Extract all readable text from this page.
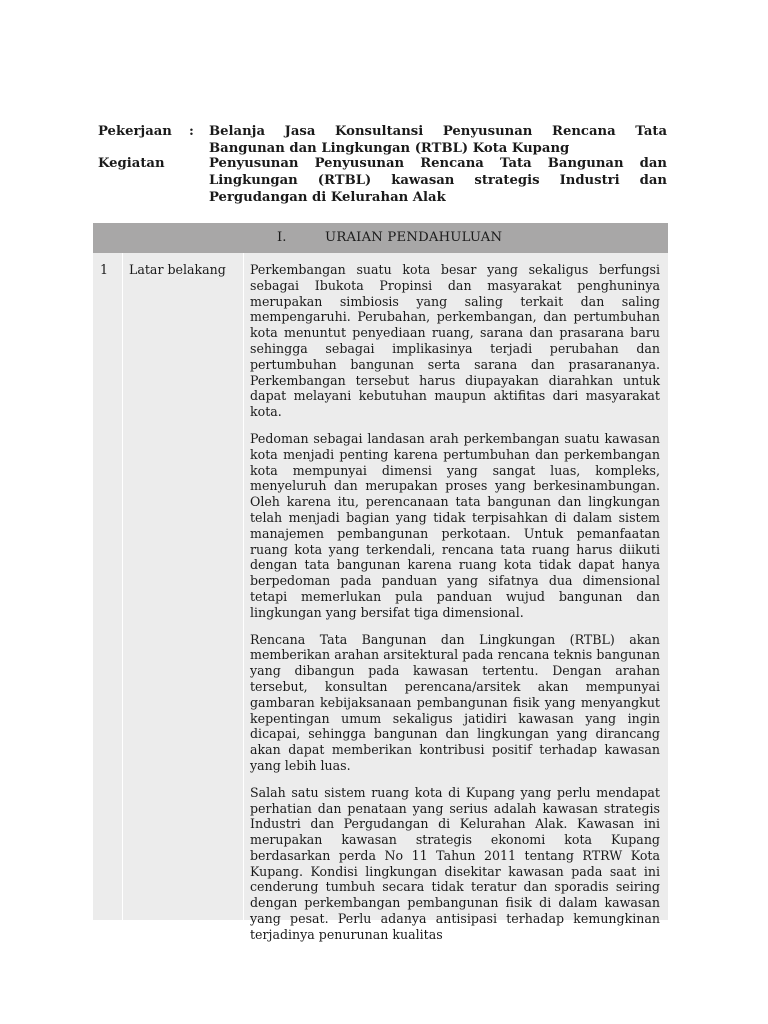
Pekerjaan : Belanja Jasa Konsultansi Penyusunan Rencana Tata Bangunan dan Lingkungan (RTBL) Kota Kupang
Kegiatan	Penyusunan Penyusunan Rencana Tata Bangunan dan Lingkungan (RTBL) kawasan strategis Industri dan Pergudangan di Kelurahan Alak
I.	URAIAN PENDAHULUAN
1 Latar belakang Perkembangan suatu kota besar yang sekaligus berfungsi sebagai Ibukota Propinsi dan masyarakat penghuninya merupakan simbiosis yang saling terkait dan saling mempengaruhi. Perubahan, perkembangan, dan pertumbuhan kota menuntut penyediaan ruang, sarana dan prasarana baru sehingga sebagai implikasinya terjadi perubahan dan pertumbuhan bangunan serta sarana dan prasarananya. Perkembangan tersebut harus diupayakan diarahkan untuk dapat melayani kebutuhan maupun aktifitas dari masyarakat kota.

Pedoman sebagai landasan arah perkembangan suatu kawasan kota menjadi penting karena pertumbuhan dan perkembangan kota mempunyai dimensi yang sangat luas, kompleks, menyeluruh dan merupakan proses yang berkesinambungan. Oleh karena itu, perencanaan tata bangunan dan lingkungan telah menjadi bagian yang tidak terpisahkan di dalam sistem manajemen pembangunan perkotaan. Untuk pemanfaatan ruang kota yang terkendali, rencana tata ruang harus diikuti dengan tata bangunan karena ruang kota tidak dapat hanya berpedoman pada panduan yang sifatnya dua dimensional tetapi memerlukan pula panduan wujud bangunan dan lingkungan yang bersifat tiga dimensional.

Rencana Tata Bangunan dan Lingkungan (RTBL) akan memberikan arahan arsitektural pada rencana teknis bangunan yang dibangun pada kawasan tertentu. Dengan arahan tersebut, konsultan perencana/arsitek akan mempunyai gambaran kebijaksanaan pembangunan fisik yang menyangkut kepentingan umum sekaligus jatidiri kawasan yang ingin dicapai, sehingga bangunan dan lingkungan yang dirancang akan dapat memberikan kontribusi positif terhadap kawasan yang lebih luas.

Salah satu sistem ruang kota di Kupang yang perlu mendapat perhatian dan penataan yang serius adalah kawasan strategis Industri dan Pergudangan di Kelurahan Alak. Kawasan ini merupakan kawasan strategis ekonomi kota Kupang berdasarkan perda No 11 Tahun 2011 tentang RTRW Kota Kupang. Kondisi lingkungan disekitar kawasan pada saat ini cenderung tumbuh secara tidak teratur dan sporadis seiring dengan perkembangan pembangunan fisik di dalam kawasan yang pesat. Perlu adanya antisipasi terhadap kemungkinan terjadinya penurunan kualitas
